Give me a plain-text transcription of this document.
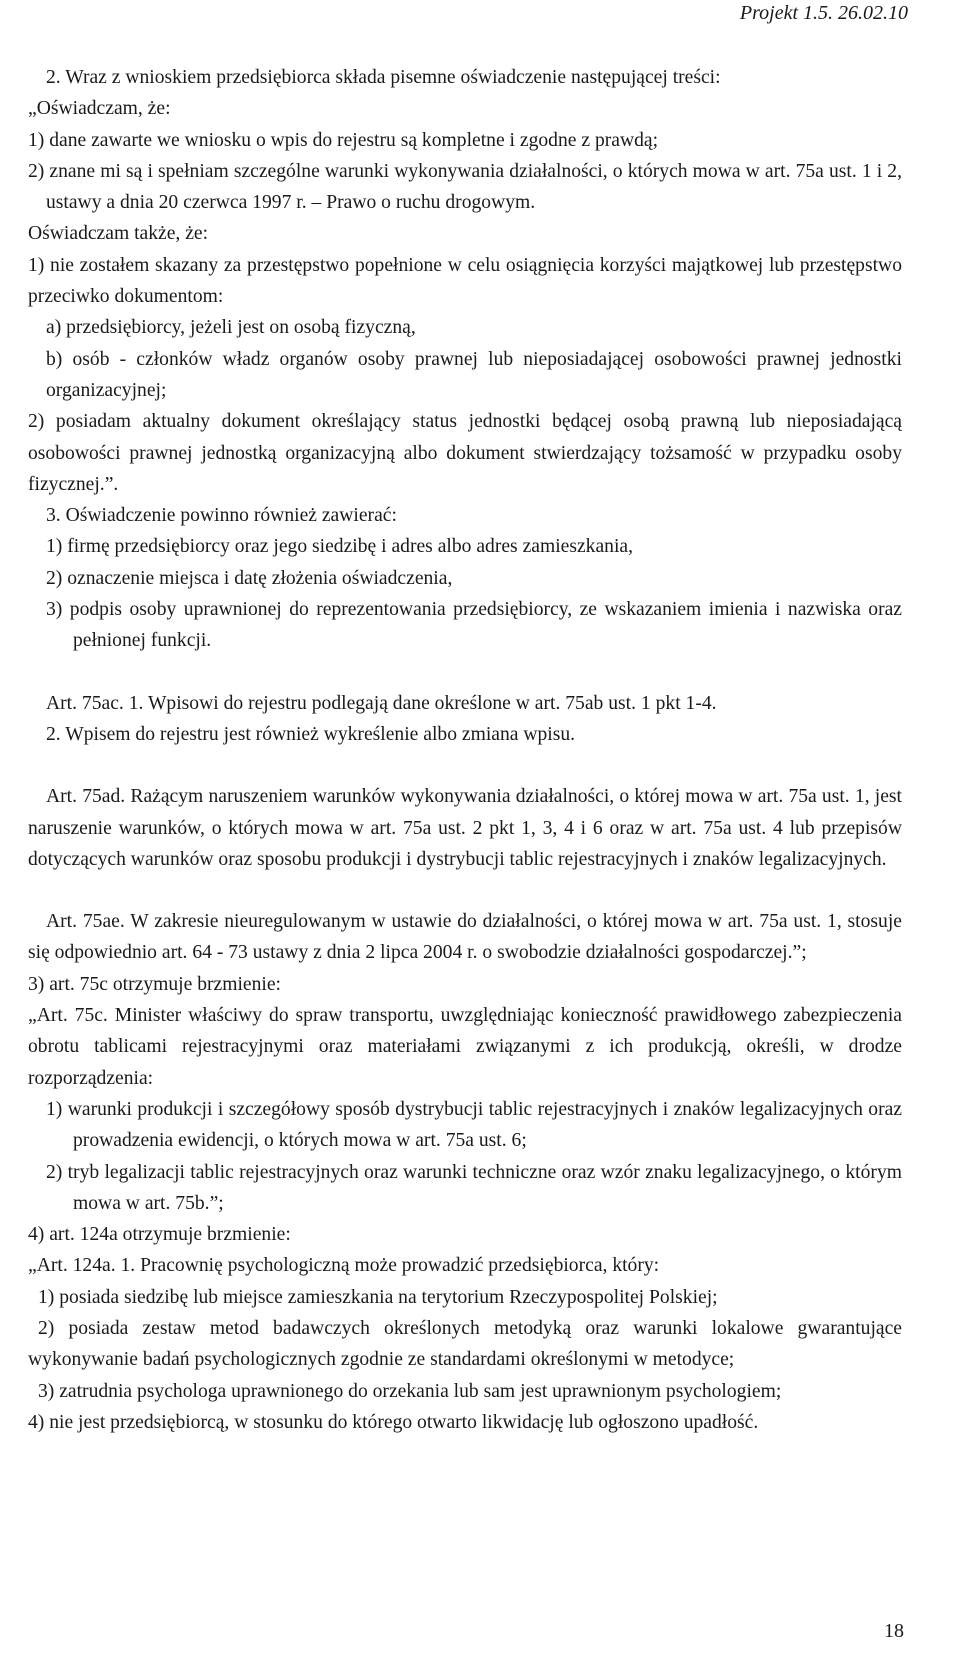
Projekt 1.5. 26.02.10

2. Wraz z wnioskiem przedsiębiorca składa pisemne oświadczenie następującej treści:

„Oświadczam, że:

1) dane zawarte we wniosku o wpis do rejestru są kompletne i zgodne z prawdą;

2) znane mi są i spełniam szczególne warunki wykonywania działalności, o których mowa w art. 75a ust. 1 i 2, ustawy a dnia 20 czerwca 1997 r. – Prawo o ruchu drogowym.

Oświadczam także, że:

1) nie zostałem skazany za przestępstwo popełnione w celu osiągnięcia korzyści majątkowej lub przestępstwo przeciwko dokumentom:

a) przedsiębiorcy, jeżeli jest on osobą fizyczną,

b) osób - członków władz organów osoby prawnej lub nieposiadającej osobowości prawnej jednostki organizacyjnej;

2) posiadam aktualny dokument określający status jednostki będącej osobą prawną lub nieposiadającą osobowości prawnej jednostką organizacyjną albo dokument stwierdzający tożsamość w przypadku osoby fizycznej.”.

3. Oświadczenie powinno również zawierać:

1) firmę przedsiębiorcy oraz jego siedzibę i adres albo adres zamieszkania,

2) oznaczenie miejsca i datę złożenia oświadczenia,

3) podpis osoby uprawnionej do reprezentowania przedsiębiorcy, ze wskazaniem imienia i nazwiska oraz pełnionej funkcji.

Art. 75ac. 1. Wpisowi do rejestru podlegają dane określone w art. 75ab ust. 1 pkt 1-4.

2. Wpisem do rejestru jest również wykreślenie albo zmiana wpisu.

Art. 75ad. Rażącym naruszeniem warunków wykonywania działalności, o której mowa w art. 75a ust. 1, jest naruszenie warunków, o których mowa w art. 75a ust. 2 pkt 1, 3, 4 i 6 oraz w art. 75a ust. 4 lub przepisów dotyczących warunków oraz sposobu produkcji i dystrybucji tablic rejestracyjnych i znaków legalizacyjnych.

Art. 75ae. W zakresie nieuregulowanym w ustawie do działalności, o której mowa w art. 75a ust. 1, stosuje się odpowiednio art. 64 - 73 ustawy z dnia 2 lipca 2004 r. o swobodzie działalności gospodarczej.”;

3) art. 75c otrzymuje brzmienie:

„Art. 75c. Minister właściwy do spraw transportu, uwzględniając konieczność prawidłowego zabezpieczenia obrotu tablicami rejestracyjnymi oraz materiałami związanymi z ich produkcją, określi, w drodze rozporządzenia:

1) warunki produkcji i szczegółowy sposób dystrybucji tablic rejestracyjnych i znaków legalizacyjnych oraz prowadzenia ewidencji, o których mowa w art. 75a ust. 6;

2) tryb legalizacji tablic rejestracyjnych oraz warunki techniczne oraz wzór znaku legalizacyjnego, o którym mowa w art. 75b.”;

4) art. 124a otrzymuje brzmienie:

„Art. 124a. 1. Pracownię psychologiczną może prowadzić przedsiębiorca, który:

1) posiada siedzibę lub miejsce zamieszkania na terytorium Rzeczypospolitej Polskiej;

2) posiada zestaw metod badawczych określonych metodyką oraz warunki lokalowe gwarantujące wykonywanie badań psychologicznych zgodnie ze standardami określonymi w metodyce;

3) zatrudnia psychologa uprawnionego do orzekania lub sam jest uprawnionym psychologiem;

4) nie jest przedsiębiorcą, w stosunku do którego otwarto likwidację lub ogłoszono upadłość.

18
